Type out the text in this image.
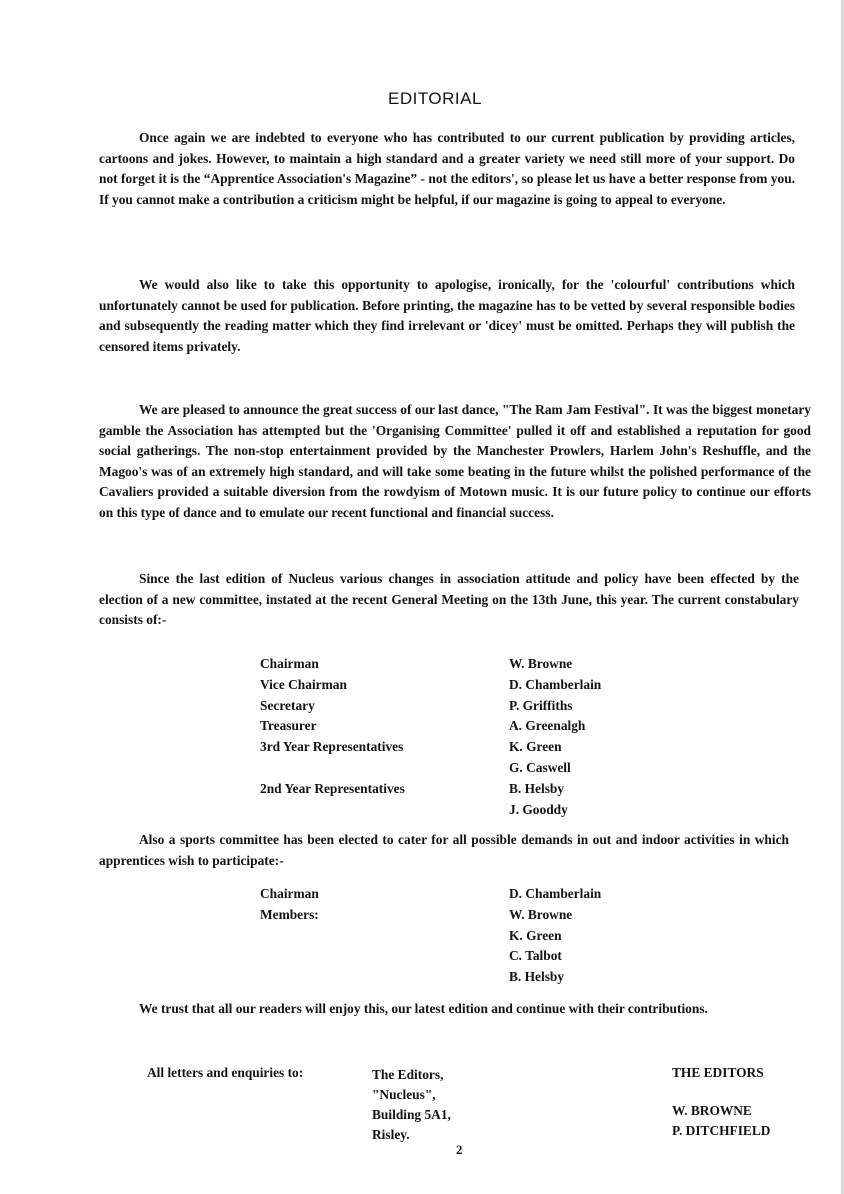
EDITORIAL
Once again we are indebted to everyone who has contributed to our current publication by providing articles, cartoons and jokes. However, to maintain a high standard and a greater variety we need still more of your support. Do not forget it is the “Apprentice Association's Magazine” - not the editors', so please let us have a better response from you. If you cannot make a contribution a criticism might be helpful, if our magazine is going to appeal to everyone.
We would also like to take this opportunity to apologise, ironically, for the 'colourful' contributions which unfortunately cannot be used for publication. Before printing, the magazine has to be vetted by several responsible bodies and subsequently the reading matter which they find irrelevant or 'dicey' must be omitted. Perhaps they will publish the censored items privately.
We are pleased to announce the great success of our last dance, "The Ram Jam Festival". It was the biggest monetary gamble the Association has attempted but the 'Organising Committee' pulled it off and established a reputation for good social gatherings. The non-stop entertainment provided by the Manchester Prowlers, Harlem John's Reshuffle, and the Magoo's was of an extremely high standard, and will take some beating in the future whilst the polished performance of the Cavaliers provided a suitable diversion from the rowdyism of Motown music. It is our future policy to continue our efforts on this type of dance and to emulate our recent functional and financial success.
Since the last edition of Nucleus various changes in association attitude and policy have been effected by the election of a new committee, instated at the recent General Meeting on the 13th June, this year. The current constabulary consists of:-
Chairman
Vice Chairman
Secretary
Treasurer
3rd Year Representatives
2nd Year Representatives
W. Browne
D. Chamberlain
P. Griffiths
A. Greenalgh
K. Green
G. Caswell
B. Helsby
J. Gooddy
Also a sports committee has been elected to cater for all possible demands in out and indoor activities in which apprentices wish to participate:-
Chairman
Members:
D. Chamberlain
W. Browne
K. Green
C. Talbot
B. Helsby
We trust that all our readers will enjoy this, our latest edition and continue with their contributions.
All letters and enquiries to:	The Editors,
"Nucleus",
Building 5A1,
Risley.
THE EDITORS
W. BROWNE
P. DITCHFIELD
2
